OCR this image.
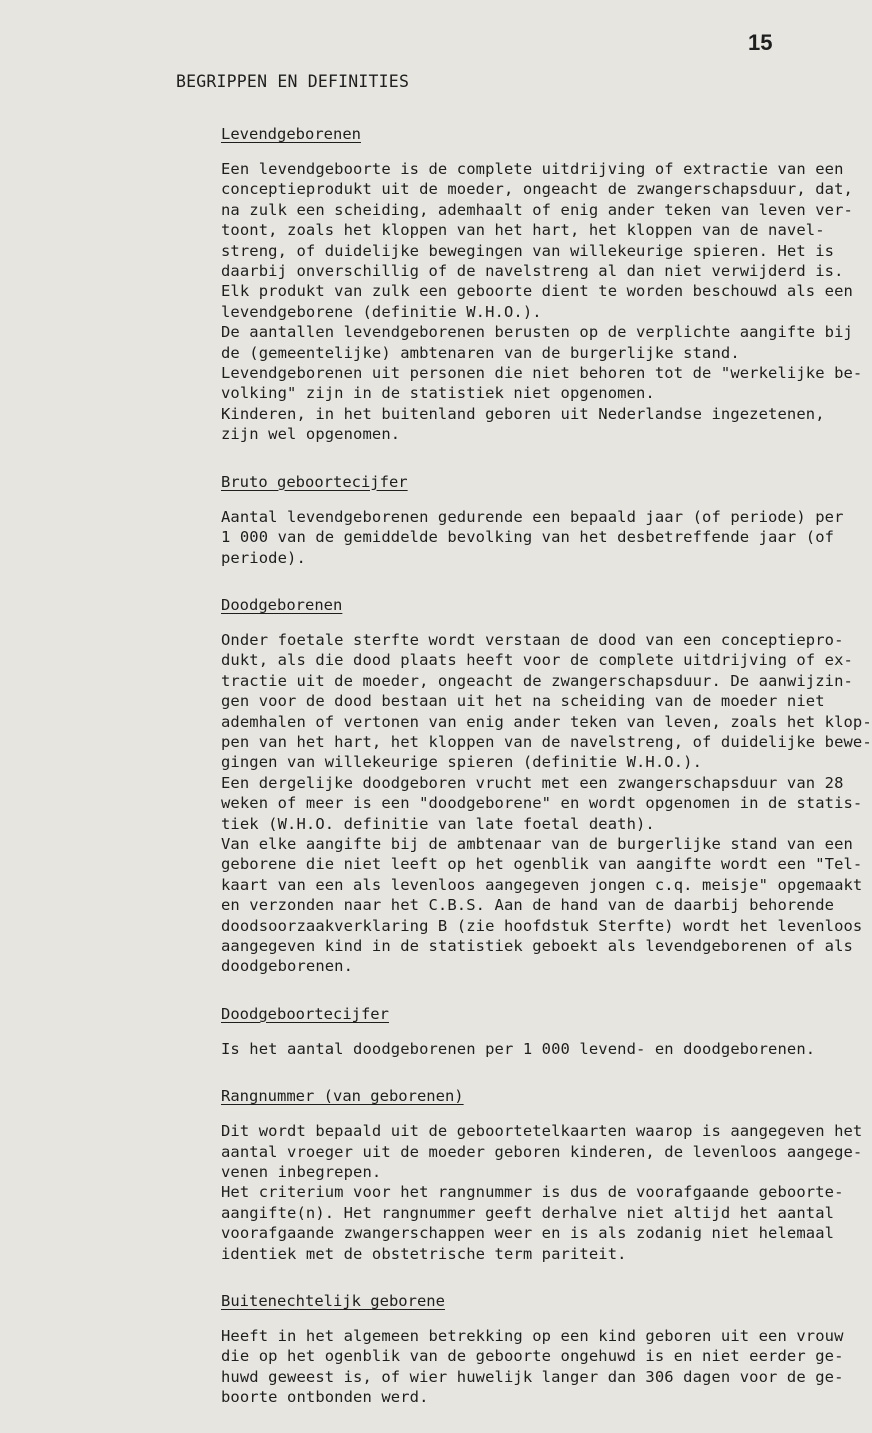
15
BEGRIPPEN EN DEFINITIES
Levendgeborenen
Een levendgeboorte is de complete uitdrijving of extractie van een
conceptieprodukt uit de moeder, ongeacht de zwangerschapsduur, dat,
na zulk een scheiding, ademhaalt of enig ander teken van leven ver-
toont, zoals het kloppen van het hart, het kloppen van de navel-
streng, of duidelijke bewegingen van willekeurige spieren. Het is
daarbij onverschillig of de navelstreng al dan niet verwijderd is.
Elk produkt van zulk een geboorte dient te worden beschouwd als een
levendgeborene (definitie W.H.O.).
De aantallen levendgeborenen berusten op de verplichte aangifte bij
de (gemeentelijke) ambtenaren van de burgerlijke stand.
Levendgeborenen uit personen die niet behoren tot de "werkelijke be-
volking" zijn in de statistiek niet opgenomen.
Kinderen, in het buitenland geboren uit Nederlandse ingezetenen,
zijn wel opgenomen.
Bruto geboortecijfer
Aantal levendgeborenen gedurende een bepaald jaar (of periode) per
1 000 van de gemiddelde bevolking van het desbetreffende jaar (of
periode).
Doodgeborenen
Onder foetale sterfte wordt verstaan de dood van een conceptiepro-
dukt, als die dood plaats heeft voor de complete uitdrijving of ex-
tractie uit de moeder, ongeacht de zwangerschapsduur. De aanwijzin-
gen voor de dood bestaan uit het na scheiding van de moeder niet
ademhalen of vertonen van enig ander teken van leven, zoals het klop-
pen van het hart, het kloppen van de navelstreng, of duidelijke bewe-
gingen van willekeurige spieren (definitie W.H.O.).
Een dergelijke doodgeboren vrucht met een zwangerschapsduur van 28
weken of meer is een "doodgeborene" en wordt opgenomen in de statis-
tiek (W.H.O. definitie van late foetal death).
Van elke aangifte bij de ambtenaar van de burgerlijke stand van een
geborene die niet leeft op het ogenblik van aangifte wordt een "Tel-
kaart van een als levenloos aangegeven jongen c.q. meisje" opgemaakt
en verzonden naar het C.B.S. Aan de hand van de daarbij behorende
doodsoorzaakverklaring B (zie hoofdstuk Sterfte) wordt het levenloos
aangegeven kind in de statistiek geboekt als levendgeborenen of als
doodgeborenen.
Doodgeboortecijfer
Is het aantal doodgeborenen per 1 000 levend- en doodgeborenen.
Rangnummer (van geborenen)
Dit wordt bepaald uit de geboortetelkaarten waarop is aangegeven het
aantal vroeger uit de moeder geboren kinderen, de levenloos aangege-
venen inbegrepen.
Het criterium voor het rangnummer is dus de voorafgaande geboorte-
aangifte(n). Het rangnummer geeft derhalve niet altijd het aantal
voorafgaande zwangerschappen weer en is als zodanig niet helemaal
identiek met de obstetrische term pariteit.
Buitenechtelijk geborene
Heeft in het algemeen betrekking op een kind geboren uit een vrouw
die op het ogenblik van de geboorte ongehuwd is en niet eerder ge-
huwd geweest is, of wier huwelijk langer dan 306 dagen voor de ge-
boorte ontbonden werd.
